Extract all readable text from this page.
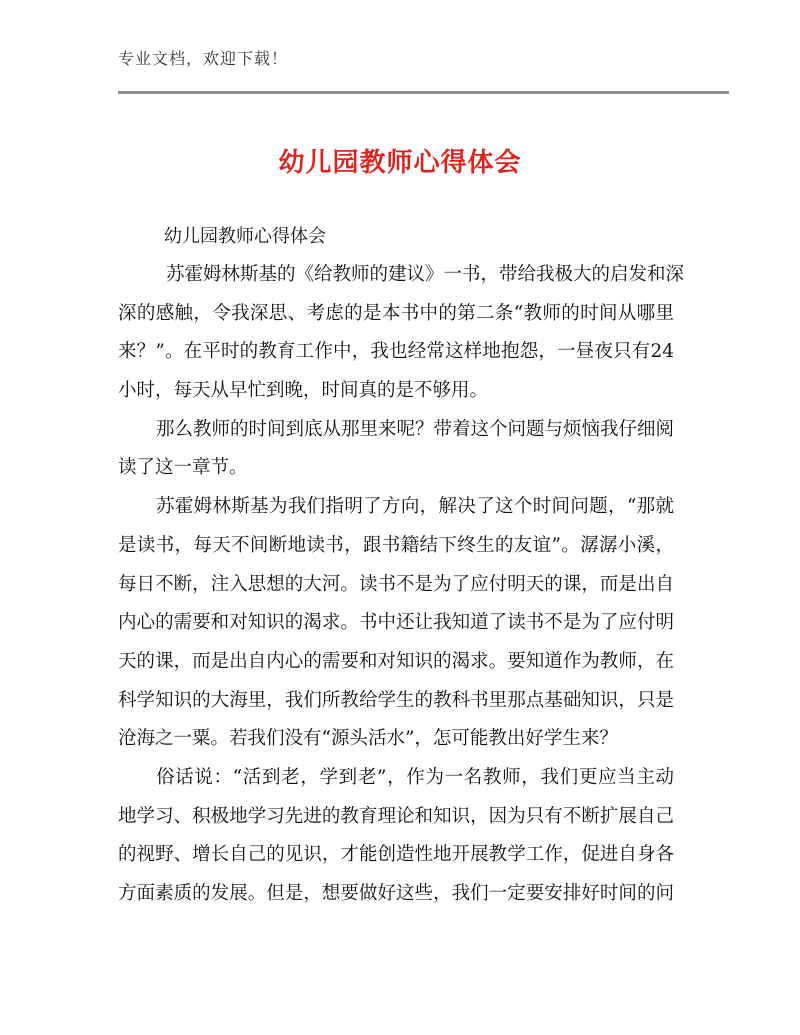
专业文档，欢迎下载！
幼儿园教师心得体会
幼儿园教师心得体会
苏霍姆林斯基的《给教师的建议》一书，带给我极大的启发和深
深的感触，令我深思、考虑的是本书中的第二条“教师的时间从哪里
来？”。在平时的教育工作中，我也经常这样地抱怨，一昼夜只有24
小时，每天从早忙到晚，时间真的是不够用。
那么教师的时间到底从那里来呢？带着这个问题与烦恼我仔细阅
读了这一章节。
苏霍姆林斯基为我们指明了方向，解决了这个时间问题，“那就
是读书，每天不间断地读书，跟书籍结下终生的友谊”。潺潺小溪，
每日不断，注入思想的大河。读书不是为了应付明天的课，而是出自
内心的需要和对知识的渴求。书中还让我知道了读书不是为了应付明
天的课，而是出自内心的需要和对知识的渴求。要知道作为教师，在
科学知识的大海里，我们所教给学生的教科书里那点基础知识，只是
沧海之一粟。若我们没有“源头活水”，怎可能教出好学生来？
俗话说：“活到老，学到老”，作为一名教师，我们更应当主动
地学习、积极地学习先进的教育理论和知识，因为只有不断扩展自己
的视野、增长自己的见识，才能创造性地开展教学工作，促进自身各
方面素质的发展。但是，想要做好这些，我们一定要安排好时间的问
